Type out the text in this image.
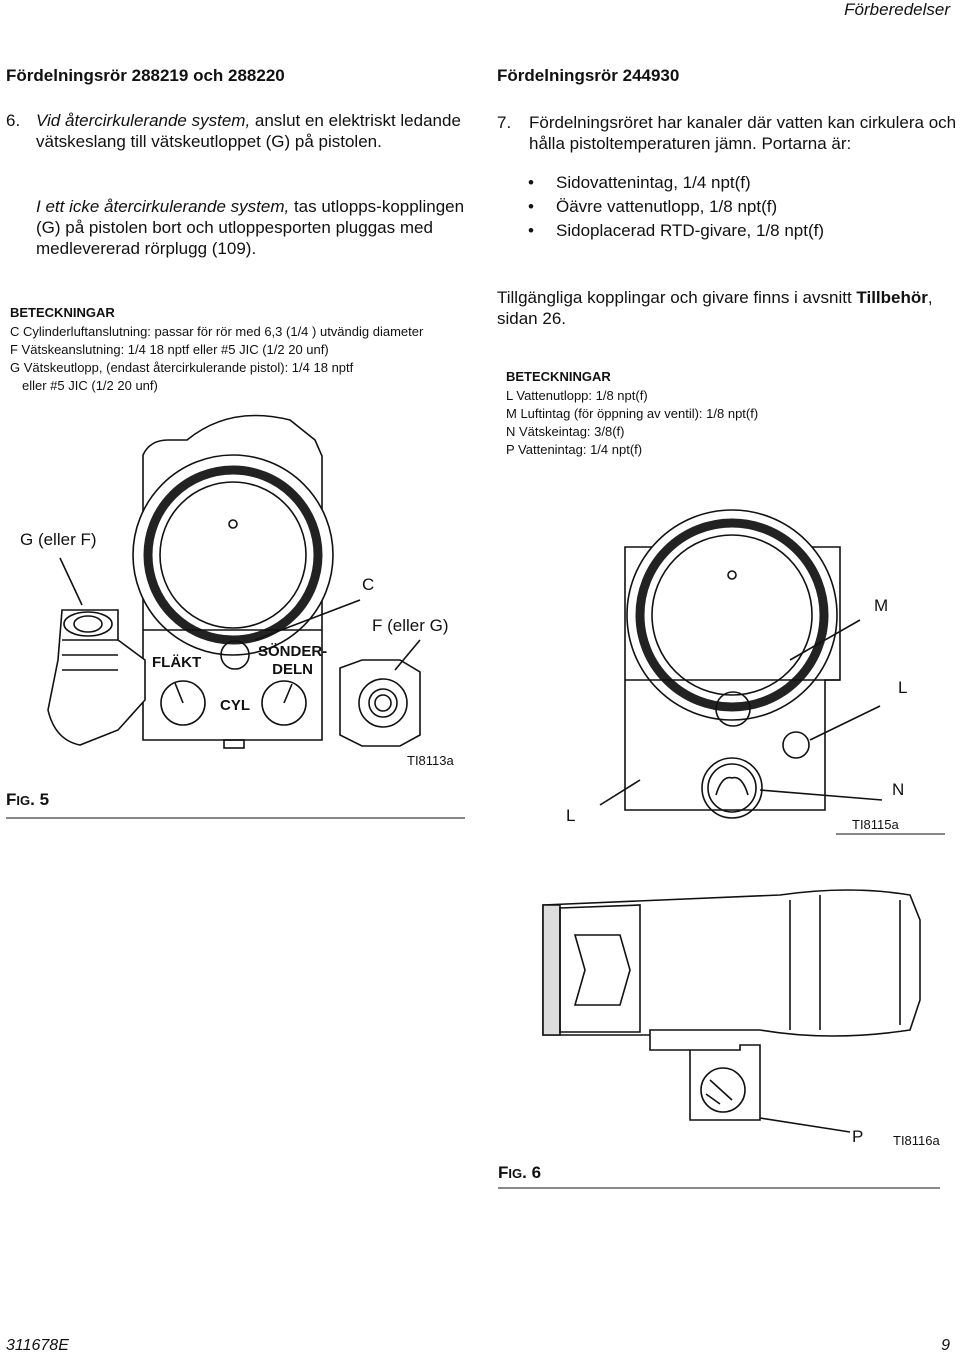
Förberedelser
Fördelningsrör 288219 och 288220
6. Vid återcirkulerande system, anslut en elektriskt ledande vätskeslang till vätskeutloppet (G) på pistolen.
I ett icke återcirkulerande system, tas utlopps-kopplingen (G) på pistolen bort och utloppesporten pluggas med medlevererad rörplugg (109).
BETECKNINGAR
C Cylinderluftanslutning: passar för rör med 6,3 (1/4 ) utvändig diameter
F Vätskeanslutning: 1/4 18 nptf eller #5 JIC (1/2 20 unf)
G Vätskeutlopp, (endast återcirkulerande pistol): 1/4 18 nptf
eller #5 JIC (1/2 20 unf)
Fördelningsrör 244930
7. Fördelningsröret har kanaler där vatten kan cirkulera och hålla pistoltemperaturen jämn. Portarna är:
• Sidovattenintag, 1/4 npt(f)
• Öävre vattenutlopp, 1/8 npt(f)
• Sidoplacerad RTD-givare, 1/8 npt(f)
Tillgängliga kopplingar och givare finns i avsnitt Tillbehör, sidan 26.
BETECKNINGAR
L Vattenutlopp: 1/8 npt(f)
M Luftintag (för öppning av ventil): 1/8 npt(f)
N Vätskeintag: 3/8(f)
P Vattenintag: 1/4 npt(f)
G (eller F)
C
F (eller G)
FLÄKT
CYL
SÖNDER-
DELN
TI8113a
FIG. 5
M
L
L
N
TI8115a
P TI8116a
FIG. 6
311678E	9
